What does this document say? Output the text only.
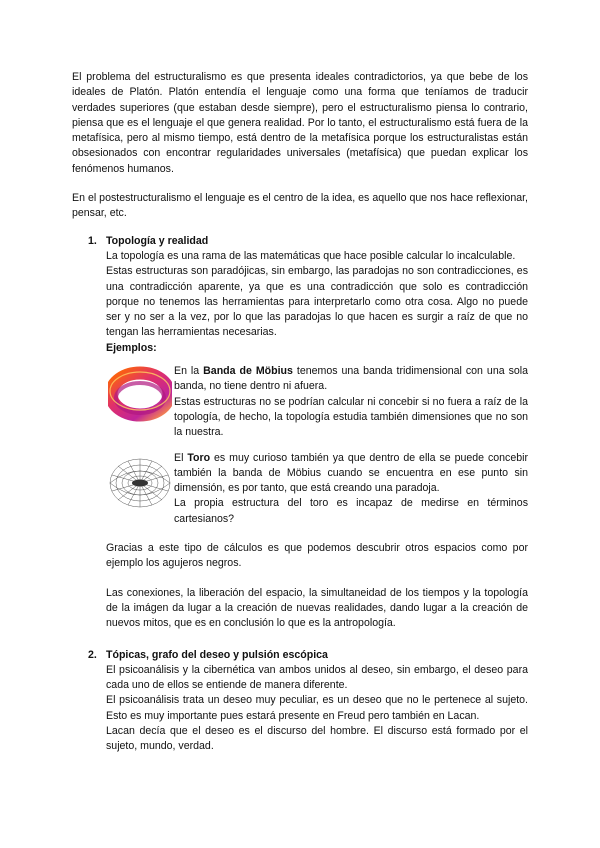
El problema del estructuralismo es que presenta ideales contradictorios, ya que bebe de los ideales de Platón. Platón entendía el lenguaje como una forma que teníamos de traducir verdades superiores (que estaban desde siempre), pero el estructuralismo piensa lo contrario, piensa que es el lenguaje el que genera realidad. Por lo tanto, el estructuralismo está fuera de la metafísica, pero al mismo tiempo, está dentro de la metafísica porque los estructuralistas están obsesionados con encontrar regularidades universales (metafísica) que puedan explicar los fenómenos humanos.

En el postestructuralismo el lenguaje es el centro de la idea, es aquello que nos hace reflexionar, pensar, etc.

1. Topología y realidad

La topología es una rama de las matemáticas que hace posible calcular lo incalculable.

Estas estructuras son paradójicas, sin embargo, las paradojas no son contradicciones, es una contradicción aparente, ya que es una contradicción que solo es contradicción porque no tenemos las herramientas para interpretarlo como otra cosa. Algo no puede ser y no ser a la vez, por lo que las paradojas lo que hacen es surgir a raíz de que no tengan las herramientas necesarias.

Ejemplos:

En la Banda de Möbius tenemos una banda tridimensional con una sola banda, no tiene dentro ni afuera.

Estas estructuras no se podrían calcular ni concebir si no fuera a raíz de la topología, de hecho, la topología estudia también dimensiones que no son la nuestra.

El Toro es muy curioso también ya que dentro de ella se puede concebir también la banda de Möbius cuando se encuentra en ese punto sin dimensión, es por tanto, que está creando una paradoja.

La propia estructura del toro es incapaz de medirse en términos cartesianos?

Gracias a este tipo de cálculos es que podemos descubrir otros espacios como por ejemplo los agujeros negros.

Las conexiones, la liberación del espacio, la simultaneidad de los tiempos y la topología de la imágen da lugar a la creación de nuevas realidades, dando lugar a la creación de nuevos mitos, que es en conclusión lo que es la antropología.

2. Tópicas, grafo del deseo y pulsión escópica

El psicoanálisis y la cibernética van ambos unidos al deseo, sin embargo, el deseo para cada uno de ellos se entiende de manera diferente.

El psicoanálisis trata un deseo muy peculiar, es un deseo que no le pertenece al sujeto. Esto es muy importante pues estará presente en Freud pero también en Lacan.

Lacan decía que el deseo es el discurso del hombre. El discurso está formado por el sujeto, mundo, verdad.
